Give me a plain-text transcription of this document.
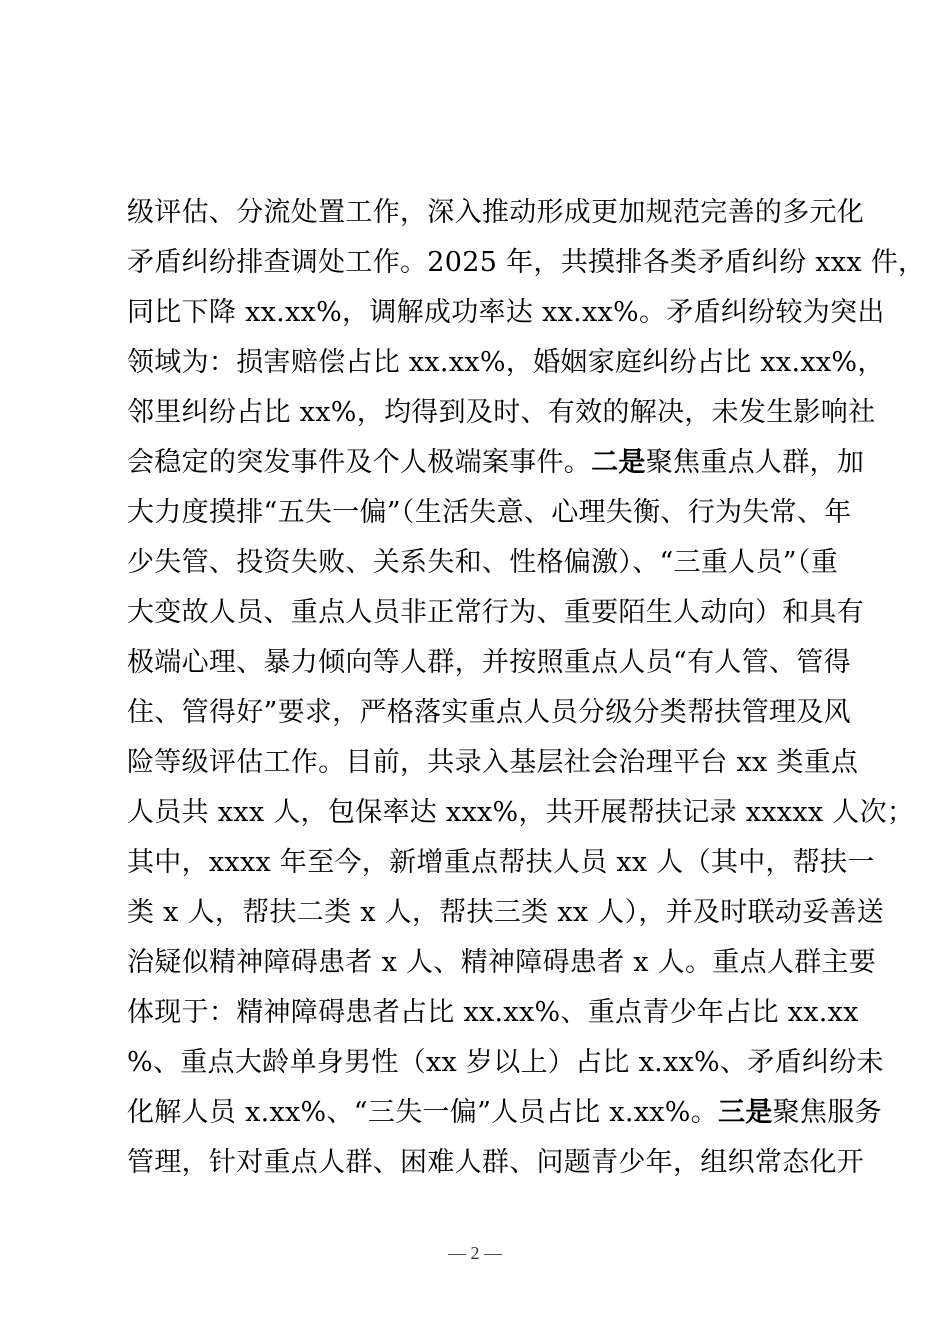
级评估、分流处置工作，深入推动形成更加规范完善的多元化
矛盾纠纷排查调处工作。2025 年，共摸排各类矛盾纠纷 xxx 件，
同比下降 xx.xx%，调解成功率达 xx.xx%。矛盾纠纷较为突出
领域为：损害赔偿占比 xx.xx%，婚姻家庭纠纷占比 xx.xx%，
邻里纠纷占比 xx%，均得到及时、有效的解决，未发生影响社
会稳定的突发事件及个人极端案事件。二是聚焦重点人群，加
大力度摸排“五失一偏”（生活失意、心理失衡、行为失常、年
少失管、投资失败、关系失和、性格偏激）、“三重人员”（重
大变故人员、重点人员非正常行为、重要陌生人动向）和具有
极端心理、暴力倾向等人群，并按照重点人员“有人管、管得
住、管得好”要求，严格落实重点人员分级分类帮扶管理及风
险等级评估工作。目前，共录入基层社会治理平台 xx 类重点
人员共 xxx 人，包保率达 xxx%，共开展帮扶记录 xxxxx 人次；
其中，xxxx 年至今，新增重点帮扶人员 xx 人（其中，帮扶一
类 x 人，帮扶二类 x 人，帮扶三类 xx 人），并及时联动妥善送
治疑似精神障碍患者 x 人、精神障碍患者 x 人。重点人群主要
体现于：精神障碍患者占比 xx.xx%、重点青少年占比 xx.xx
%、重点大龄单身男性（xx 岁以上）占比 x.xx%、矛盾纠纷未
化解人员 x.xx%、“三失一偏”人员占比 x.xx%。三是聚焦服务
管理，针对重点人群、困难人群、问题青少年，组织常态化开
— 2 —
